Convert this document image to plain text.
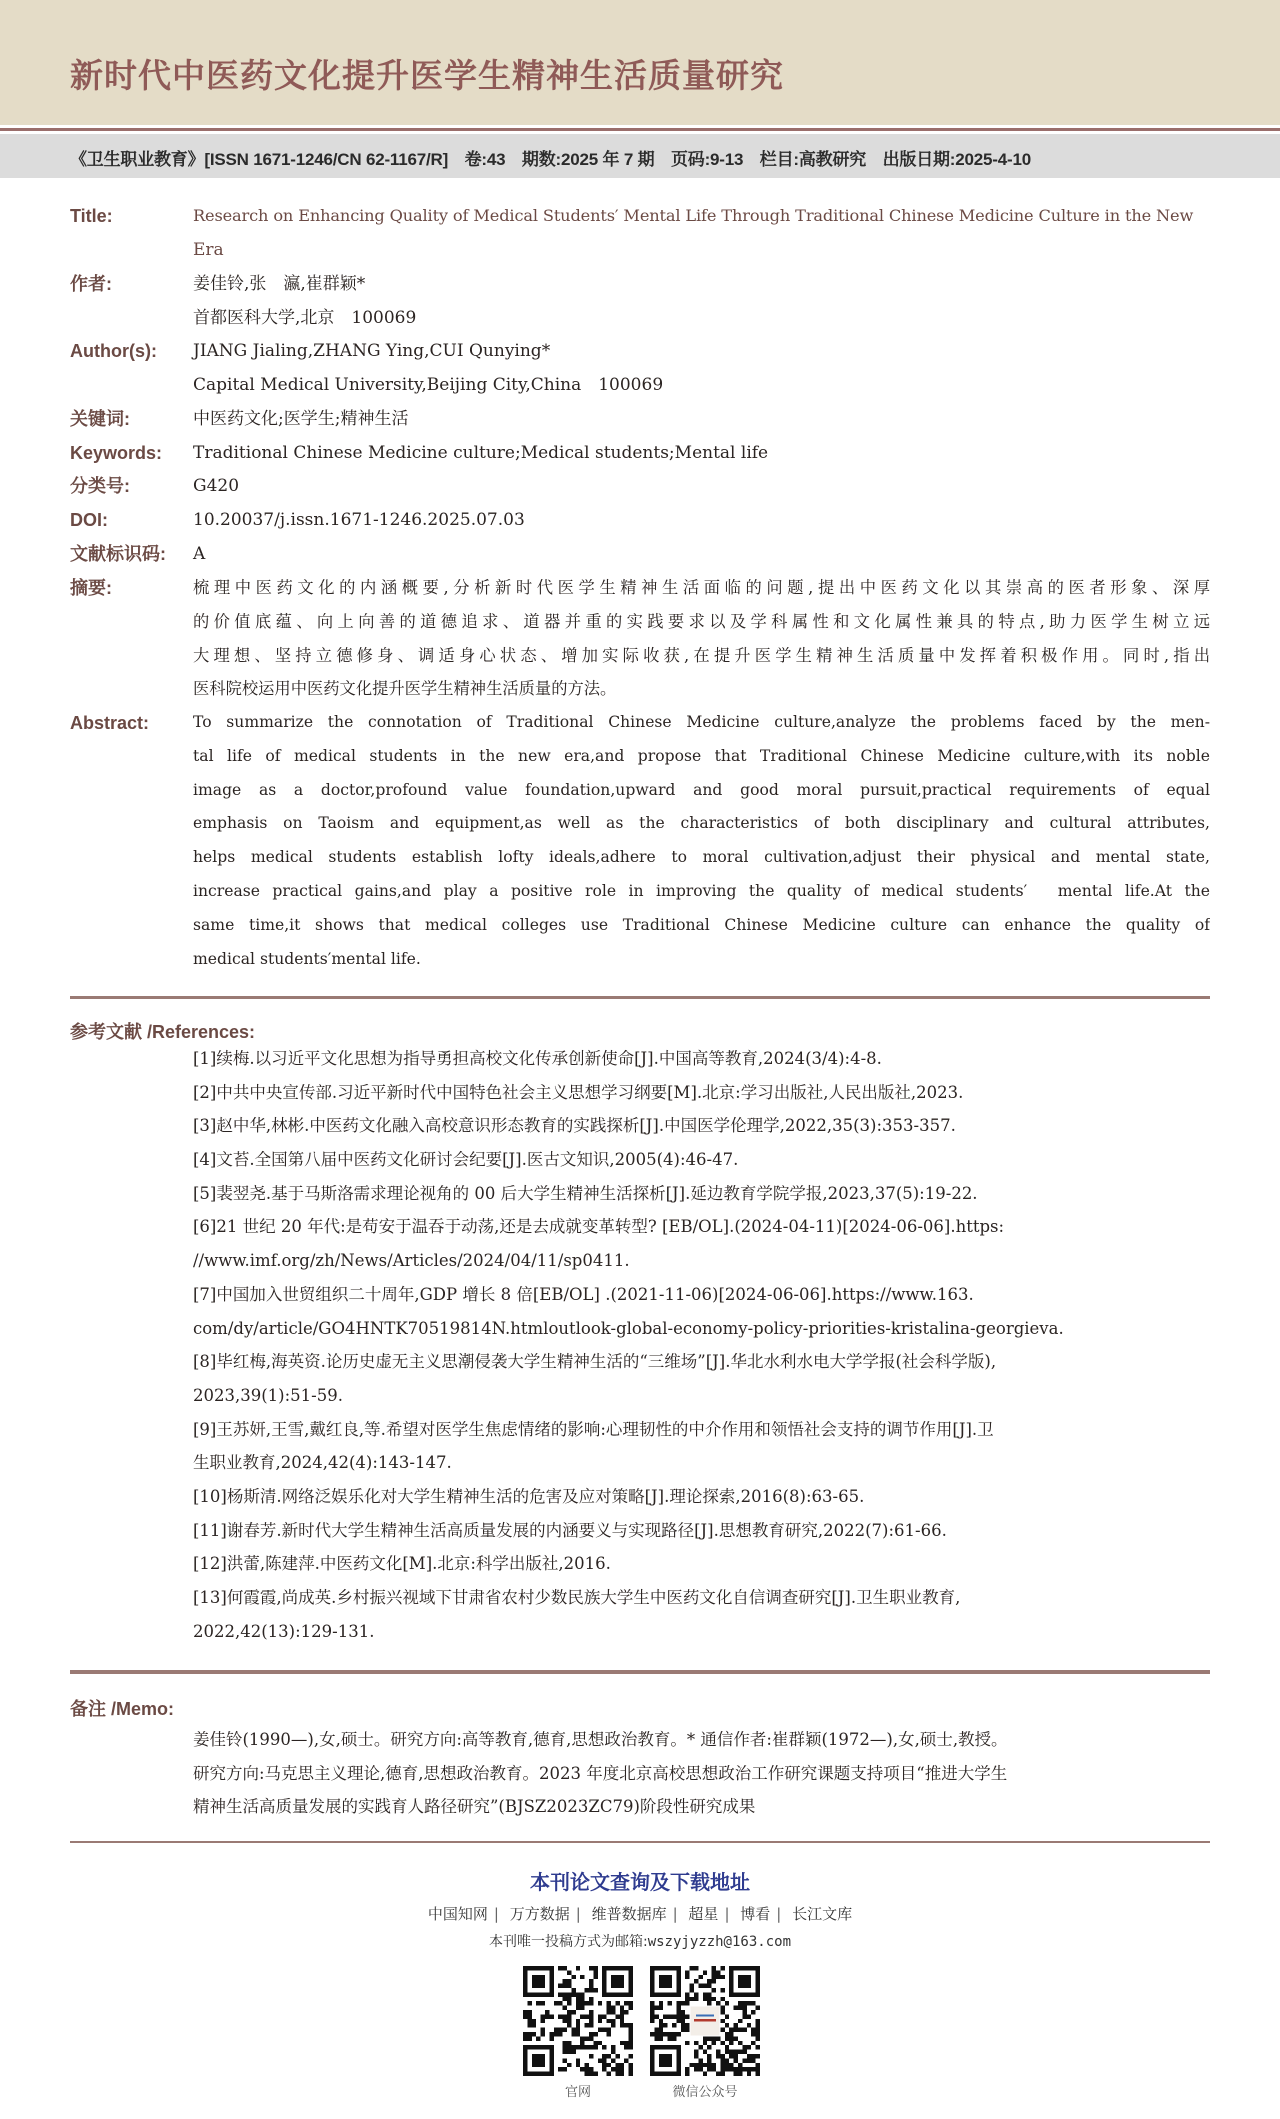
新时代中医药文化提升医学生精神生活质量研究
《卫生职业教育》[ISSN 1671-1246/CN 62-1167/R] 卷:43 期数:2025 年 7 期 页码:9-13 栏目:高教研究 出版日期:2025-4-10
Title:	Research on Enhancing Quality of Medical Students′ Mental Life Through Traditional Chinese Medicine Culture in the New
Era
作者:	姜佳铃,张　瀛,崔群颖*
首都医科大学,北京　100069
Author(s): JIANG Jialing,ZHANG Ying,CUI Qunying*
Capital Medical University,Beijing City,China　100069
关键词:	中医药文化;医学生;精神生活
Keywords: Traditional Chinese Medicine culture;Medical students;Mental life
分类号:	G420
DOI:	10.20037/j.issn.1671-1246.2025.07.03
文献标识码: A
摘要:	梳理中医药文化的内涵概要,分析新时代医学生精神生活面临的问题,提出中医药文化以其崇高的医者形象、深厚
的价值底蕴、向上向善的道德追求、道器并重的实践要求以及学科属性和文化属性兼具的特点,助力医学生树立远
大理想、坚持立德修身、调适身心状态、增加实际收获,在提升医学生精神生活质量中发挥着积极作用。同时,指出
医科院校运用中医药文化提升医学生精神生活质量的方法。
Abstract:	To summarize the connotation of Traditional Chinese Medicine culture,analyze the problems faced by the men-
tal life of medical students in the new era,and propose that Traditional Chinese Medicine culture,with its noble
image as a doctor,profound value foundation,upward and good moral pursuit,practical requirements of equal
emphasis on Taoism and equipment,as well as the characteristics of both disciplinary and cultural attributes,
helps medical students establish lofty ideals,adhere to moral cultivation,adjust their physical and mental state,
increase practical gains,and play a positive role in improving the quality of medical students′　mental life.At the
same time,it shows that medical colleges use Traditional Chinese Medicine culture can enhance the quality of
medical students′mental life.
参考文献 /References:
[1]续梅.以习近平文化思想为指导勇担高校文化传承创新使命[J].中国高等教育,2024(3/4):4-8.
[2]中共中央宣传部.习近平新时代中国特色社会主义思想学习纲要[M].北京:学习出版社,人民出版社,2023.
[3]赵中华,林彬.中医药文化融入高校意识形态教育的实践探析[J].中国医学伦理学,2022,35(3):353-357.
[4]文苔.全国第八届中医药文化研讨会纪要[J].医古文知识,2005(4):46-47.
[5]裴翌尧.基于马斯洛需求理论视角的 00 后大学生精神生活探析[J].延边教育学院学报,2023,37(5):19-22.
[6]21 世纪 20 年代:是苟安于温吞于动荡,还是去成就变革转型? [EB/OL].(2024-04-11)[2024-06-06].https:
//www.imf.org/zh/News/Articles/2024/04/11/sp0411.
[7]中国加入世贸组织二十周年,GDP 增长 8 倍[EB/OL] .(2021-11-06)[2024-06-06].https://www.163.
com/dy/article/GO4HNTK70519814N.htmloutlook-global-economy-policy-priorities-kristalina-georgieva.
[8]毕红梅,海英资.论历史虚无主义思潮侵袭大学生精神生活的“三维场”[J].华北水利水电大学学报(社会科学版),
2023,39(1):51-59.
[9]王苏妍,王雪,戴红良,等.希望对医学生焦虑情绪的影响:心理韧性的中介作用和领悟社会支持的调节作用[J].卫
生职业教育,2024,42(4):143-147.
[10]杨斯清.网络泛娱乐化对大学生精神生活的危害及应对策略[J].理论探索,2016(8):63-65.
[11]谢春芳.新时代大学生精神生活高质量发展的内涵要义与实现路径[J].思想教育研究,2022(7):61-66.
[12]洪蕾,陈建萍.中医药文化[M].北京:科学出版社,2016.
[13]何霞霞,尚成英.乡村振兴视域下甘肃省农村少数民族大学生中医药文化自信调查研究[J].卫生职业教育,
2022,42(13):129-131.
备注 /Memo:
姜佳铃(1990—),女,硕士。研究方向:高等教育,德育,思想政治教育。* 通信作者:崔群颖(1972—),女,硕士,教授。
研究方向:马克思主义理论,德育,思想政治教育。2023 年度北京高校思想政治工作研究课题支持项目“推进大学生
精神生活高质量发展的实践育人路径研究”(BJSZ2023ZC79)阶段性研究成果
本刊论文查询及下载地址
中国知网 | 万方数据 | 维普数据库 | 超星 | 博看 | 长江文库
本刊唯一投稿方式为邮箱:wszyjyzzh@163.com
官网	微信公众号
